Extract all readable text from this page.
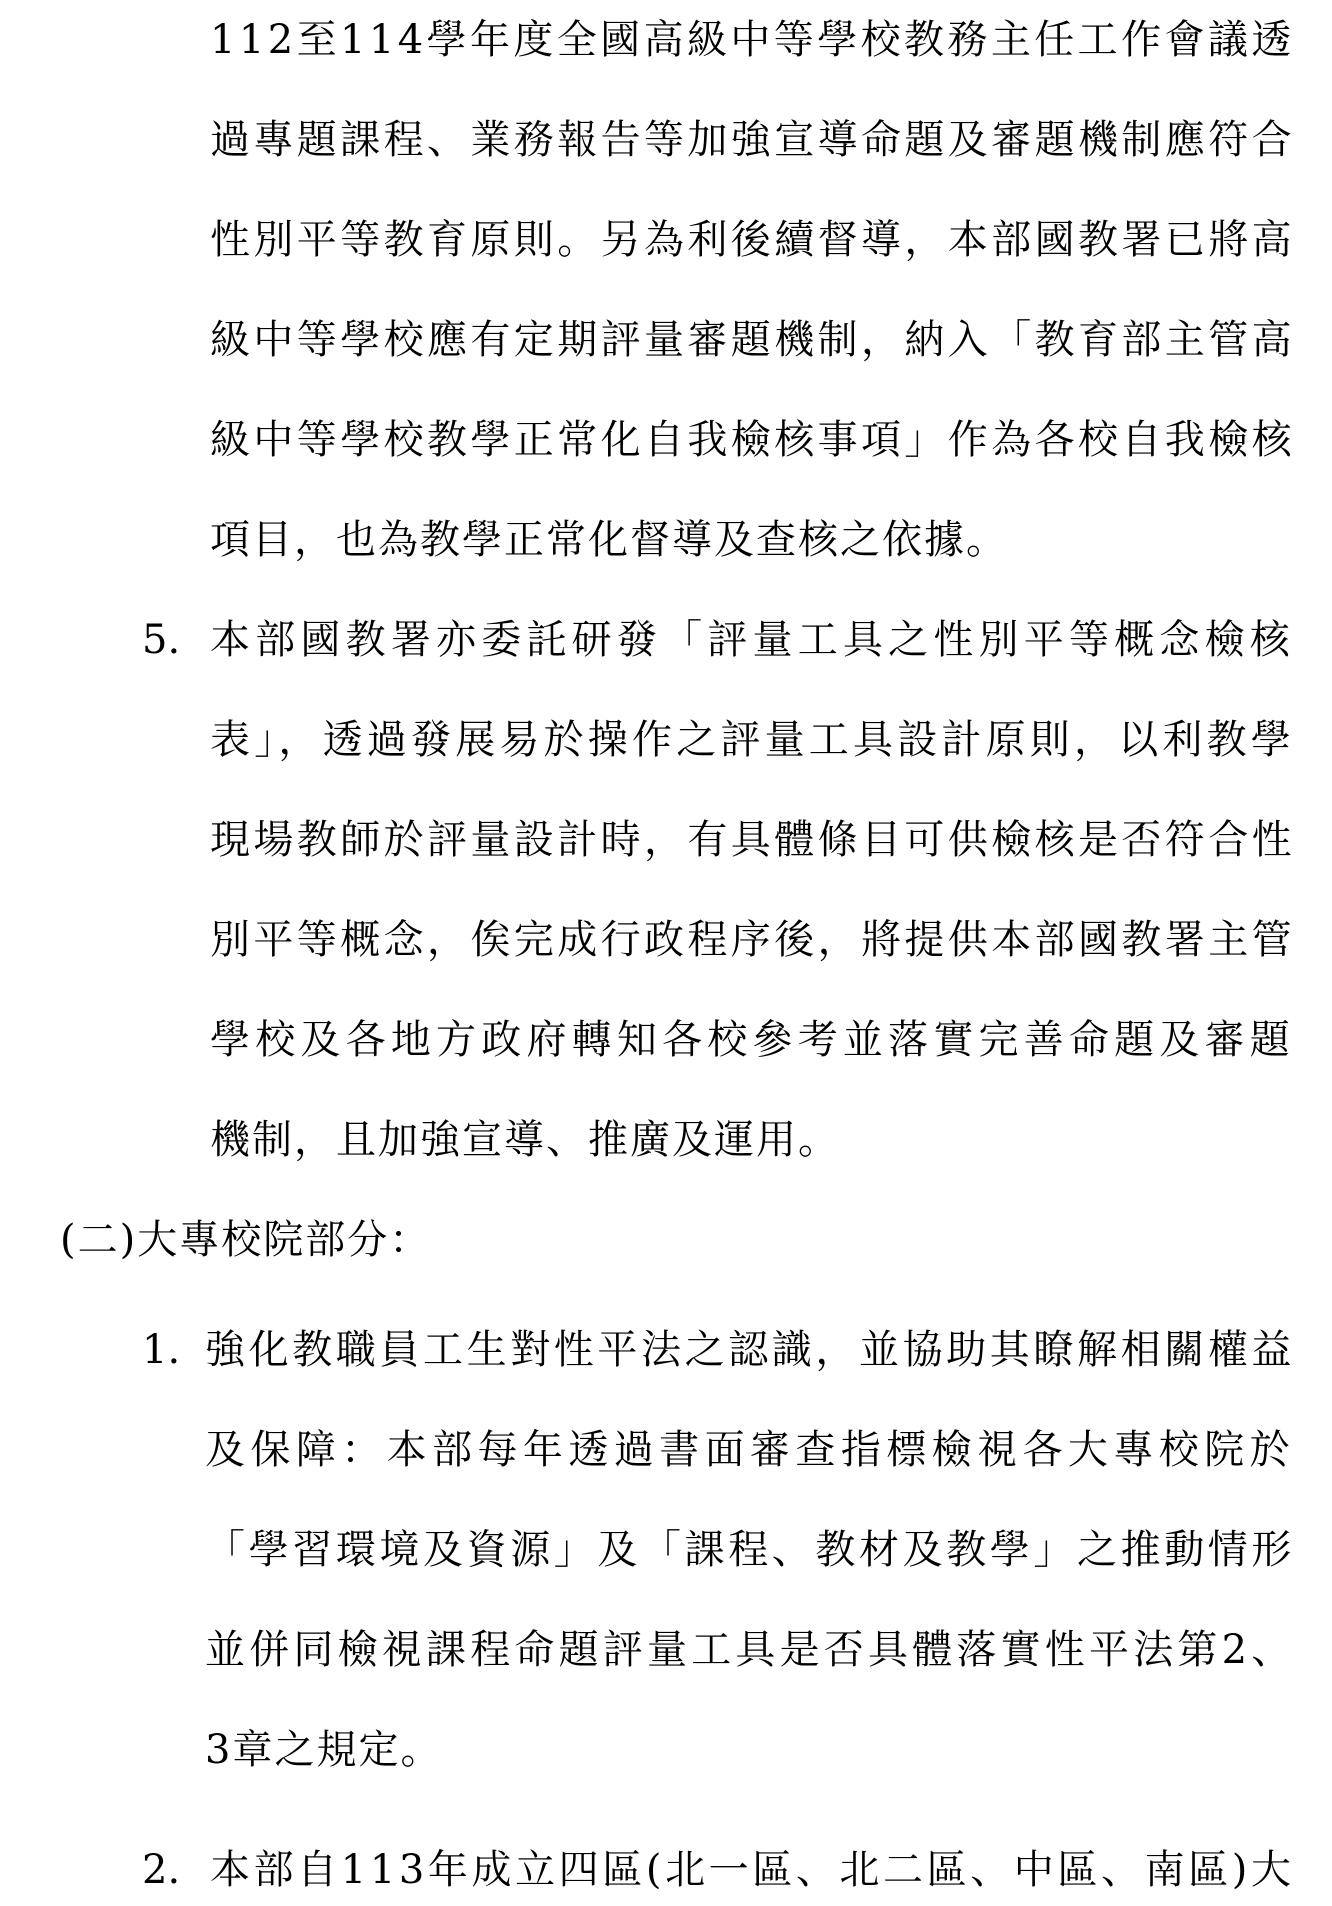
112至114學年度全國高級中等學校教務主任工作會議透
過專題課程、業務報告等加強宣導命題及審題機制應符合
性別平等教育原則。另為利後續督導，本部國教署已將高
級中等學校應有定期評量審題機制，納入「教育部主管高
級中等學校教學正常化自我檢核事項」作為各校自我檢核
項目，也為教學正常化督導及查核之依據。
5. 本部國教署亦委託研發「評量工具之性別平等概念檢核
表」，透過發展易於操作之評量工具設計原則，以利教學
現場教師於評量設計時，有具體條目可供檢核是否符合性
別平等概念，俟完成行政程序後，將提供本部國教署主管
學校及各地方政府轉知各校參考並落實完善命題及審題
機制，且加強宣導、推廣及運用。
(二)大專校院部分：
1. 強化教職員工生對性平法之認識，並協助其瞭解相關權益
及保障：本部每年透過書面審查指標檢視各大專校院於
「學習環境及資源」及「課程、教材及教學」之推動情形
並併同檢視課程命題評量工具是否具體落實性平法第2、
3章之規定。
2. 本部自113年成立四區(北一區、北二區、中區、南區)大
